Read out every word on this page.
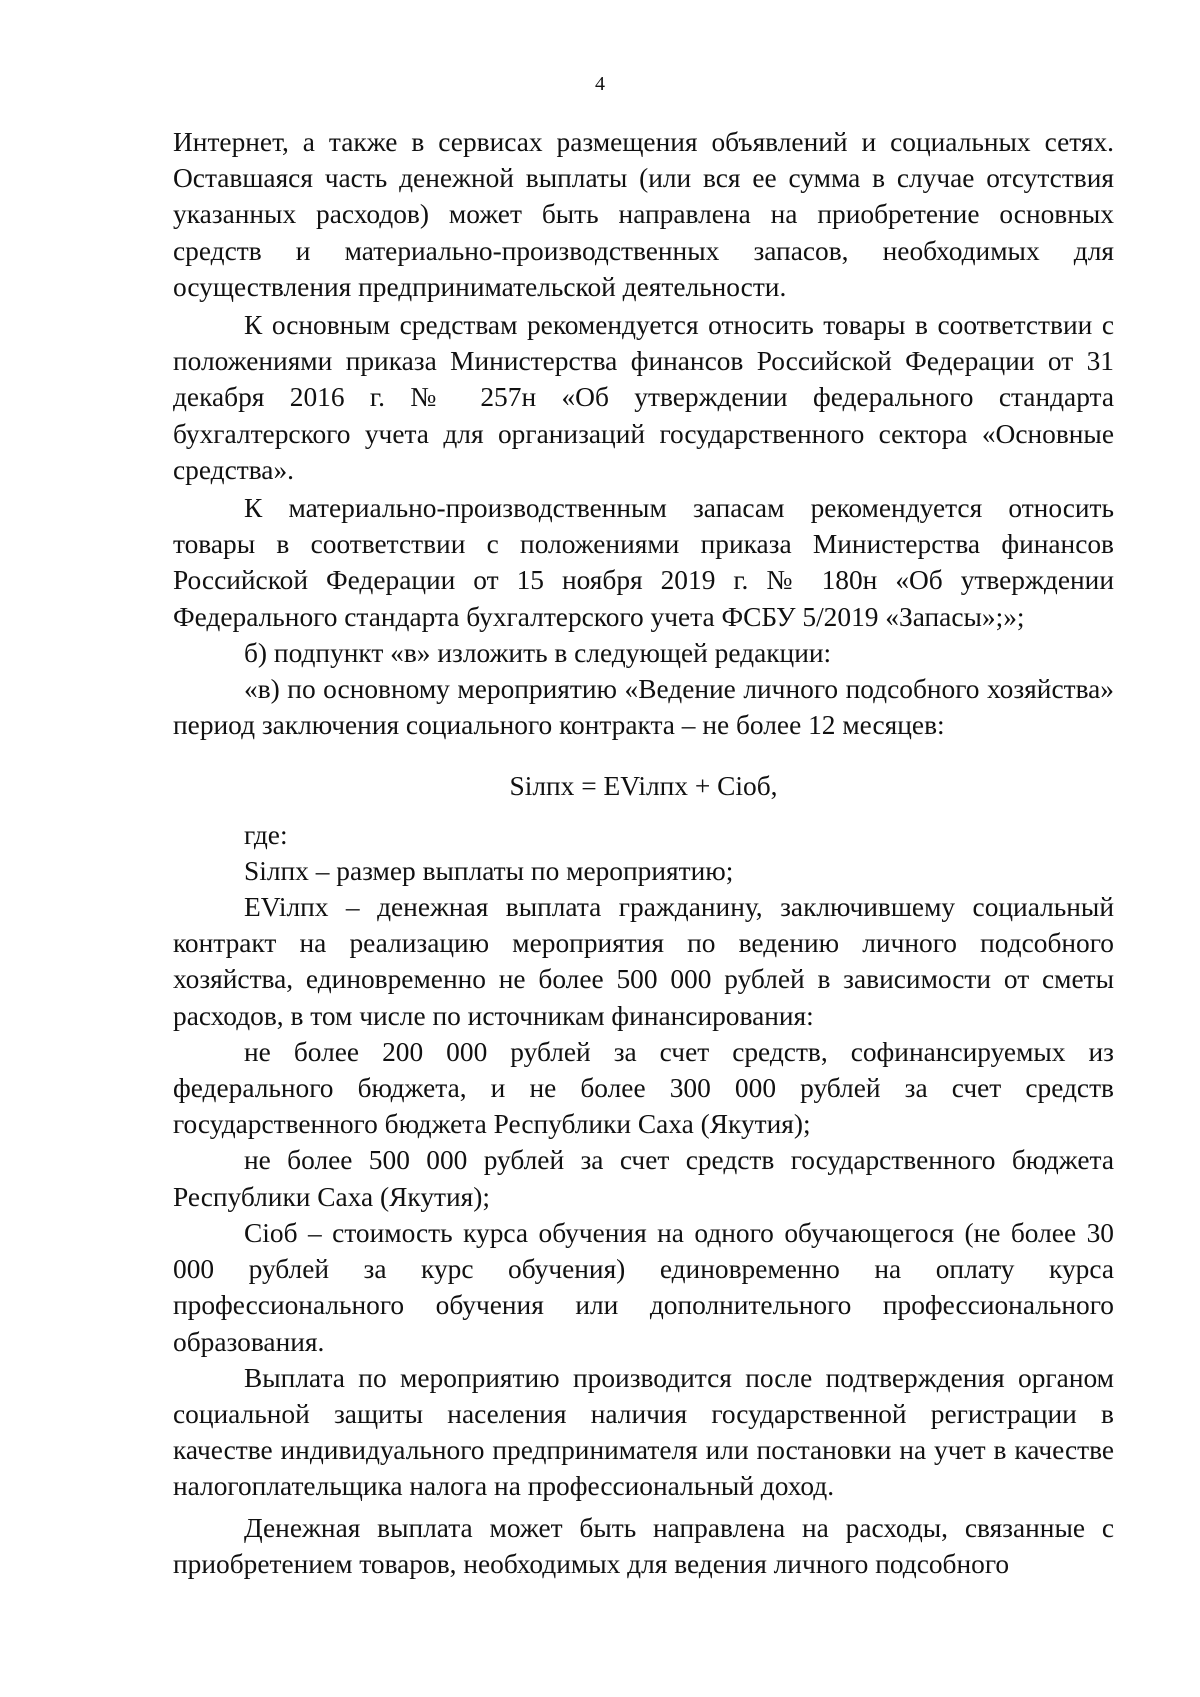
4

Интернет, а также в сервисах размещения объявлений и социальных сетях. Оставшаяся часть денежной выплаты (или вся ее сумма в случае отсутствия указанных расходов) может быть направлена на приобретение основных средств и материально-производственных запасов, необходимых для осуществления предпринимательской деятельности.

К основным средствам рекомендуется относить товары в соответствии с положениями приказа Министерства финансов Российской Федерации от 31 декабря 2016 г. № 257н «Об утверждении федерального стандарта бухгалтерского учета для организаций государственного сектора «Основные средства».

К материально-производственным запасам рекомендуется относить товары в соответствии с положениями приказа Министерства финансов Российской Федерации от 15 ноября 2019 г. № 180н «Об утверждении Федерального стандарта бухгалтерского учета ФСБУ 5/2019 «Запасы»;»;

б) подпункт «в» изложить в следующей редакции:

«в) по основному мероприятию «Ведение личного подсобного хозяйства» период заключения социального контракта – не более 12 месяцев:

Siлпх = EViлпх + Ciоб,

где:

Siлпх – размер выплаты по мероприятию;

EViлпх – денежная выплата гражданину, заключившему социальный контракт на реализацию мероприятия по ведению личного подсобного хозяйства, единовременно не более 500 000 рублей в зависимости от сметы расходов, в том числе по источникам финансирования:

не более 200 000 рублей за счет средств, софинансируемых из федерального бюджета, и не более 300 000 рублей за счет средств государственного бюджета Республики Саха (Якутия);

не более 500 000 рублей за счет средств государственного бюджета Республики Саха (Якутия);

Ciоб – стоимость курса обучения на одного обучающегося (не более 30 000 рублей за курс обучения) единовременно на оплату курса профессионального обучения или дополнительного профессионального образования.

Выплата по мероприятию производится после подтверждения органом социальной защиты населения наличия государственной регистрации в качестве индивидуального предпринимателя или постановки на учет в качестве налогоплательщика налога на профессиональный доход.

Денежная выплата может быть направлена на расходы, связанные с приобретением товаров, необходимых для ведения личного подсобного
